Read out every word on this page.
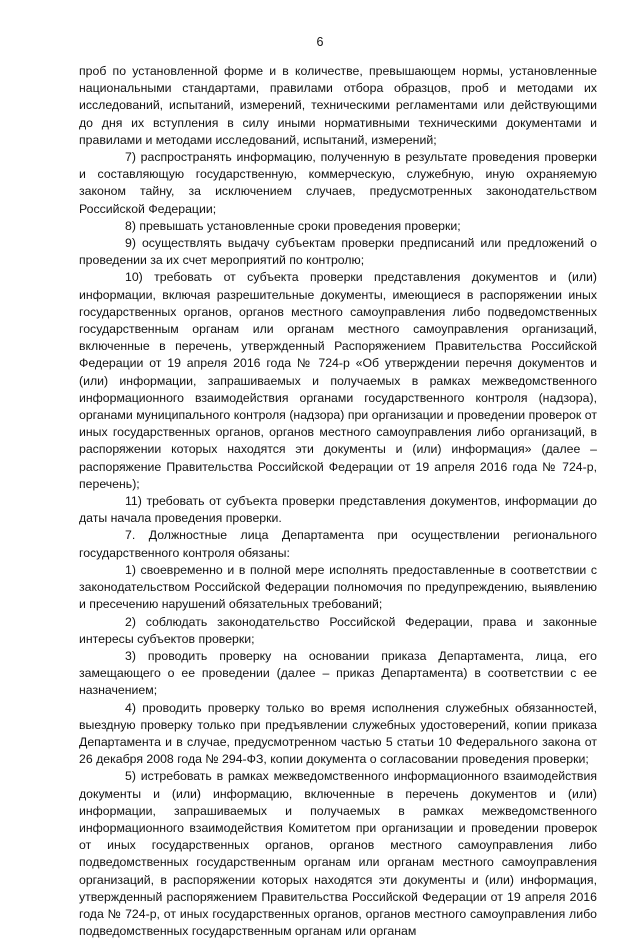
6

проб по установленной форме и в количестве, превышающем нормы, установленные национальными стандартами, правилами отбора образцов, проб и методами их исследований, испытаний, измерений, техническими регламентами или действующими до дня их вступления в силу иными нормативными техническими документами и правилами и методами исследований, испытаний, измерений;

7) распространять информацию, полученную в результате проведения проверки и составляющую государственную, коммерческую, служебную, иную охраняемую законом тайну, за исключением случаев, предусмотренных законодательством Российской Федерации;

8) превышать установленные сроки проведения проверки;

9) осуществлять выдачу субъектам проверки предписаний или предложений о проведении за их счет мероприятий по контролю;

10) требовать от субъекта проверки представления документов и (или) информации, включая разрешительные документы, имеющиеся в распоряжении иных государственных органов, органов местного самоуправления либо подведомственных государственным органам или органам местного самоуправления организаций, включенные в перечень, утвержденный Распоряжением Правительства Российской Федерации от 19 апреля 2016 года № 724-р «Об утверждении перечня документов и (или) информации, запрашиваемых и получаемых в рамках межведомственного информационного взаимодействия органами государственного контроля (надзора), органами муниципального контроля (надзора) при организации и проведении проверок от иных государственных органов, органов местного самоуправления либо организаций, в распоряжении которых находятся эти документы и (или) информация» (далее – распоряжение Правительства Российской Федерации от 19 апреля 2016 года № 724-р, перечень);

11) требовать от субъекта проверки представления документов, информации до даты начала проведения проверки.

7. Должностные лица Департамента при осуществлении регионального государственного контроля обязаны:

1) своевременно и в полной мере исполнять предоставленные в соответствии с законодательством Российской Федерации полномочия по предупреждению, выявлению и пресечению нарушений обязательных требований;

2) соблюдать законодательство Российской Федерации, права и законные интересы субъектов проверки;

3) проводить проверку на основании приказа Департамента, лица, его замещающего о ее проведении (далее – приказ Департамента) в соответствии с ее назначением;

4) проводить проверку только во время исполнения служебных обязанностей, выездную проверку только при предъявлении служебных удостоверений, копии приказа Департамента и в случае, предусмотренном частью 5 статьи 10 Федерального закона от 26 декабря 2008 года № 294-ФЗ, копии документа о согласовании проведения проверки;

5) истребовать в рамках межведомственного информационного взаимодействия документы и (или) информацию, включенные в перечень документов и (или) информации, запрашиваемых и получаемых в рамках межведомственного информационного взаимодействия Комитетом при организации и проведении проверок от иных государственных органов, органов местного самоуправления либо подведомственных государственным органам или органам местного самоуправления организаций, в распоряжении которых находятся эти документы и (или) информация, утвержденный распоряжением Правительства Российской Федерации от 19 апреля 2016 года № 724-р, от иных государственных органов, органов местного самоуправления либо подведомственных государственным органам или органам
